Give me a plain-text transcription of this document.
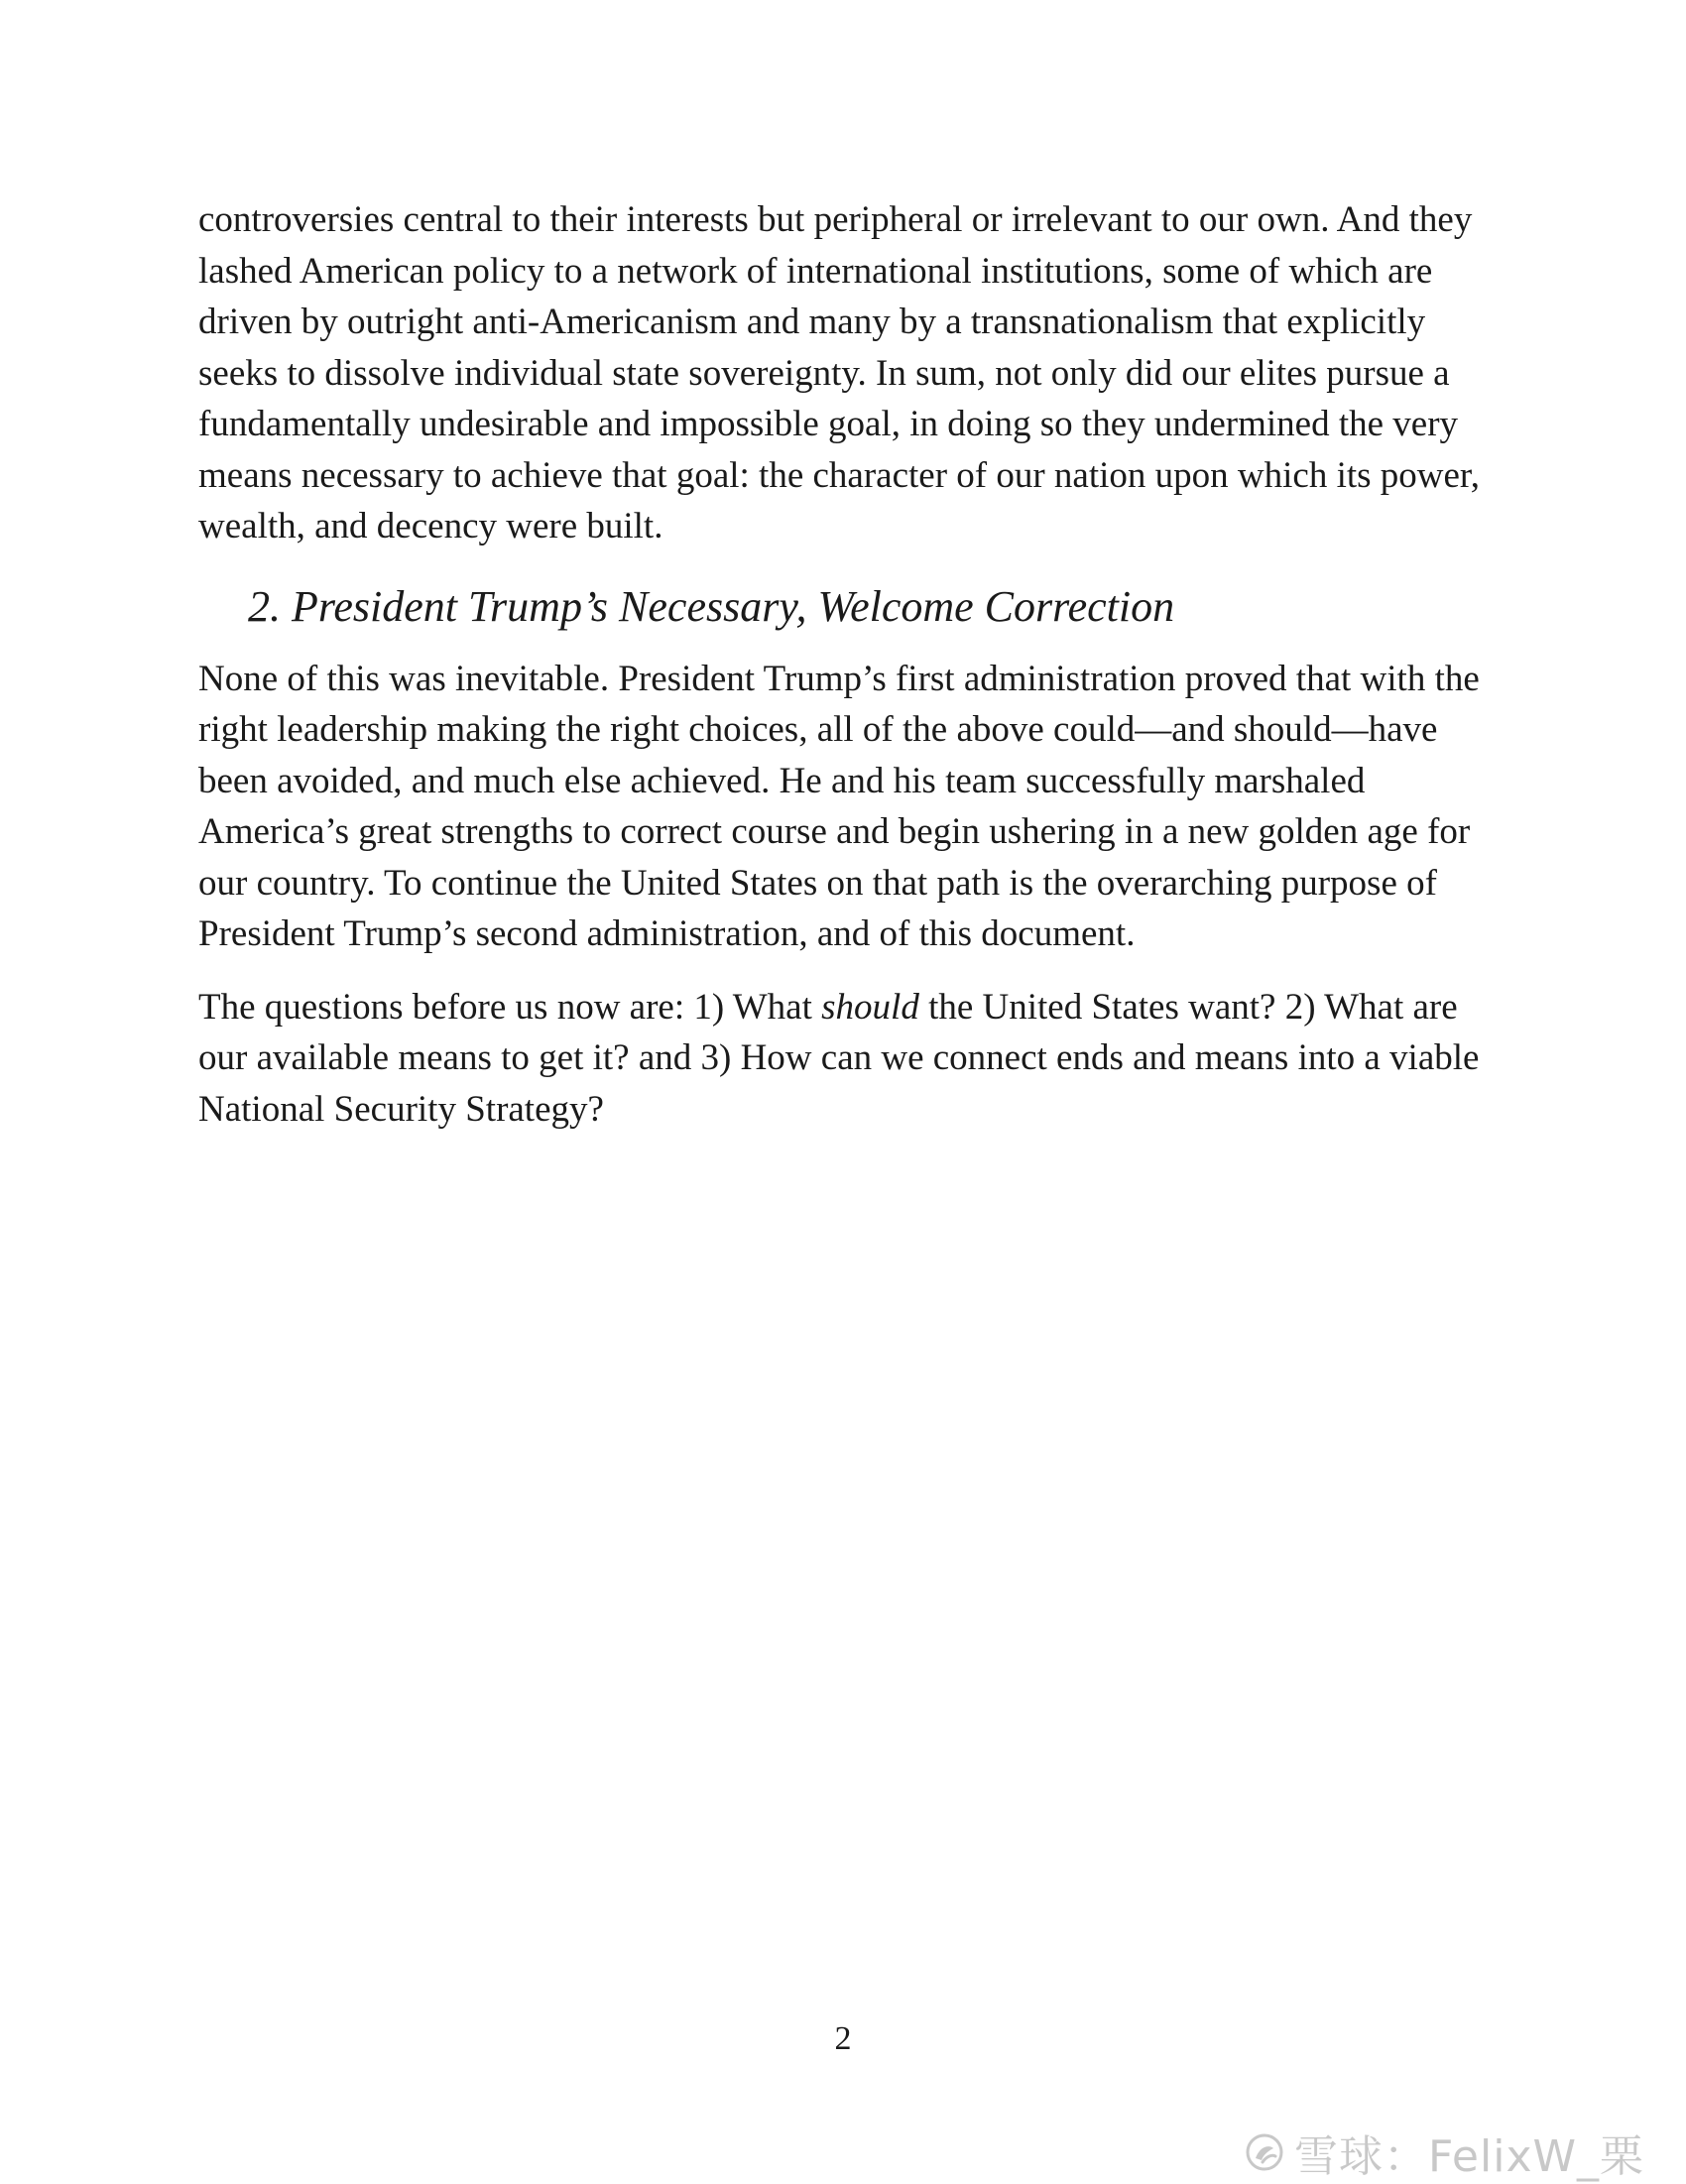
controversies central to their interests but peripheral or irrelevant to our own. And they lashed American policy to a network of international institutions, some of which are driven by outright anti-Americanism and many by a transnationalism that explicitly seeks to dissolve individual state sovereignty. In sum, not only did our elites pursue a fundamentally undesirable and impossible goal, in doing so they undermined the very means necessary to achieve that goal: the character of our nation upon which its power, wealth, and decency were built.

2. President Trump’s Necessary, Welcome Correction

None of this was inevitable. President Trump’s first administration proved that with the right leadership making the right choices, all of the above could—and should—have been avoided, and much else achieved. He and his team successfully marshaled America’s great strengths to correct course and begin ushering in a new golden age for our country. To continue the United States on that path is the overarching purpose of President Trump’s second administration, and of this document.

The questions before us now are: 1) What should the United States want? 2) What are our available means to get it? and 3) How can we connect ends and means into a viable National Security Strategy?

2
雪球：FelixW_栗
